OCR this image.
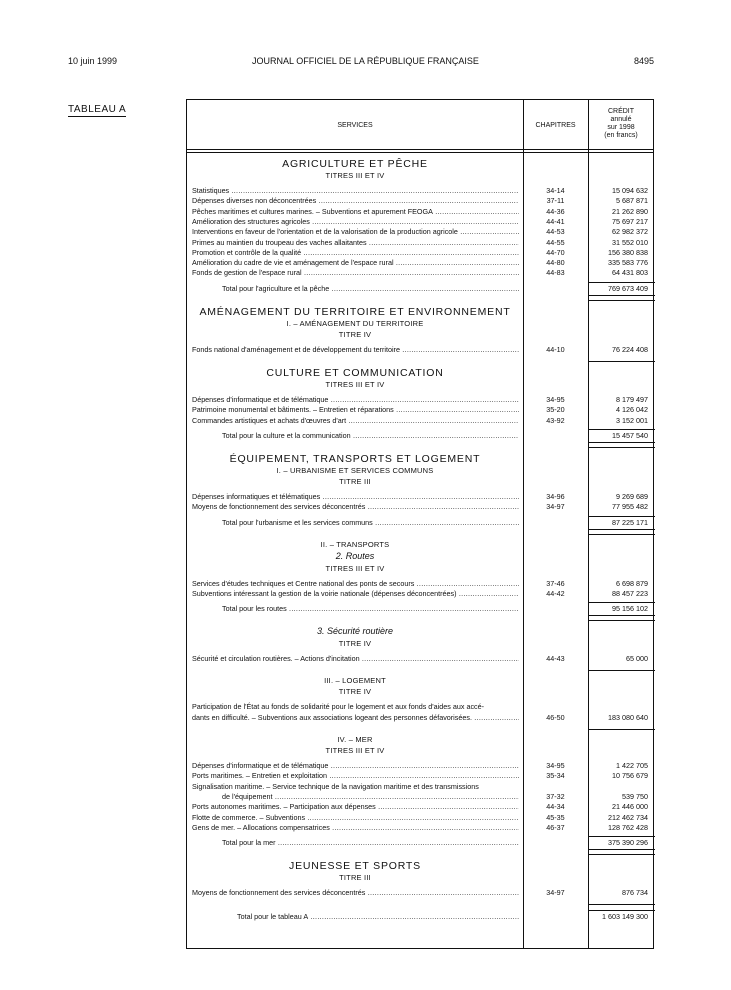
10 juin 1999	JOURNAL OFFICIEL DE LA RÉPUBLIQUE FRANÇAISE	8495
TABLEAU A
SERVICES	CHAPITRES
CRÉDIT
annulé
sur 1998
(en francs)
AGRICULTURE ET PÊCHE
TITRES III ET IV
Statistiques .....	34-14	15 094 632
Dépenses diverses non déconcentrées .....	37-11	5 687 871
Pêches maritimes et cultures marines. – Subventions et apurement FEOGA .....	44-36	21 262 890
Amélioration des structures agricoles .....	44-41	75 697 217
Interventions en faveur de l'orientation et de la valorisation de la production agricole .....	44-53	62 982 372
Primes au maintien du troupeau des vaches allaitantes .....	44-55	31 552 010
Promotion et contrôle de la qualité .....	44-70	156 380 838
Amélioration du cadre de vie et aménagement de l'espace rural .....	44-80	335 583 776
Fonds de gestion de l'espace rural .....	44-83	64 431 803
Total pour l'agriculture et la pêche .....	769 673 409
AMÉNAGEMENT DU TERRITOIRE ET ENVIRONNEMENT
I. – AMÉNAGEMENT DU TERRITOIRE
TITRE IV
Fonds national d'aménagement et de développement du territoire .....	44-10	76 224 408
CULTURE ET COMMUNICATION
TITRES III ET IV
Dépenses d'informatique et de télématique .....	34-95	8 179 497
Patrimoine monumental et bâtiments. – Entretien et réparations .....	35-20	4 126 042
Commandes artistiques et achats d'œuvres d'art .....	43-92	3 152 001
Total pour la culture et la communication .....	15 457 540
ÉQUIPEMENT, TRANSPORTS ET LOGEMENT
I. – URBANISME ET SERVICES COMMUNS
TITRE III
Dépenses informatiques et télématiques .....	34-96	9 269 689
Moyens de fonctionnement des services déconcentrés .....	34-97	77 955 482
Total pour l'urbanisme et les services communs .....	87 225 171
II. – TRANSPORTS
2. Routes
TITRES III ET IV
Services d'études techniques et Centre national des ponts de secours .....	37-46	6 698 879
Subventions intéressant la gestion de la voirie nationale (dépenses déconcentrées) .....	44-42	88 457 223
Total pour les routes .....	95 156 102
3. Sécurité routière
TITRE IV
Sécurité et circulation routières. – Actions d'incitation .....	44-43	65 000
III. – LOGEMENT
TITRE IV
Participation de l'État au fonds de solidarité pour le logement et aux fonds d'aides aux accé-
dants en difficulté. – Subventions aux associations logeant des personnes défavorisées. .....	46-50	183 080 640
IV. – MER
TITRES III ET IV
Dépenses d'informatique et de télématique .....	34-95	1 422 705
Ports maritimes. – Entretien et exploitation .....	35-34	10 756 679
Signalisation maritime. – Service technique de la navigation maritime et des transmissions
de l'équipement .....	37-32	539 750
Ports autonomes maritimes. – Participation aux dépenses .....	44-34	21 446 000
Flotte de commerce. – Subventions .....	45-35	212 462 734
Gens de mer. – Allocations compensatrices .....	46-37	128 762 428
Total pour la mer .....	375 390 296
JEUNESSE ET SPORTS
TITRE III
Moyens de fonctionnement des services déconcentrés .....	34-97	876 734
Total pour le tableau A .....	1 603 149 300
